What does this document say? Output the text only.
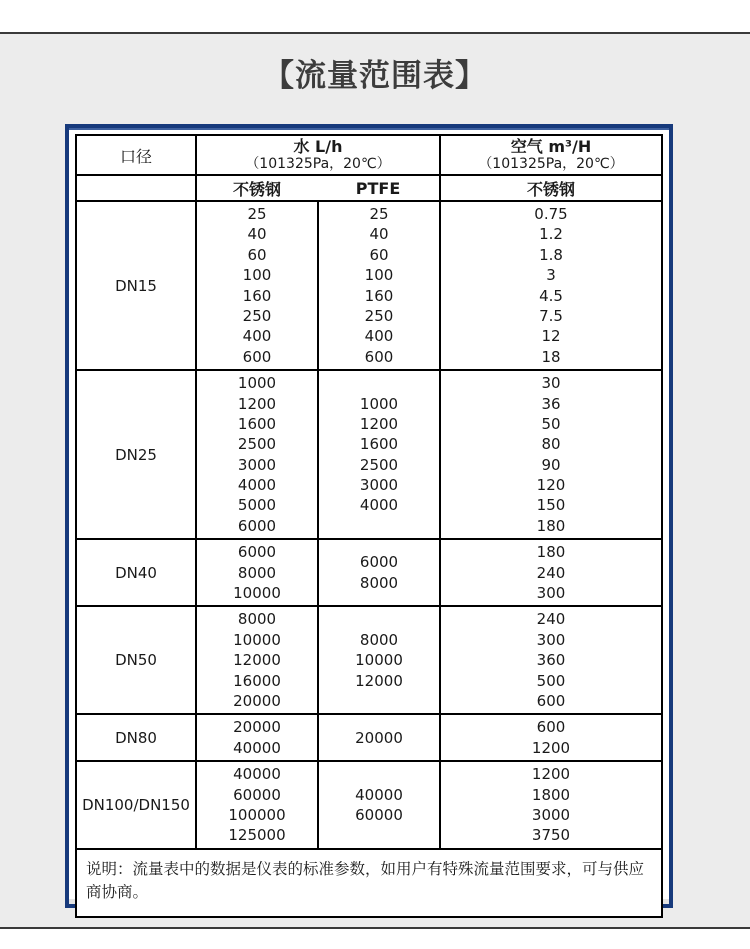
【流量范围表】
口径
水 L/h
（101325Pa，20℃）
空气 m³/H
（101325Pa，20℃）
不锈钢	PTFE	不锈钢
DN15
25
40
60
100
160
250
400
600
25
40
60
100
160
250
400
600
0.75
1.2
1.8
3
4.5
7.5
12
18
DN25
1000
1200
1600
2500
3000
4000
5000
6000
1000
1200
1600
2500
3000
4000
30
36
50
80
90
120
150
180
DN40
6000
8000
10000
6000
8000
180
240
300
DN50
8000
10000
12000
16000
20000
8000
10000
12000
240
300
360
500
600
DN80
20000
40000
20000
600
1200
DN100/DN150
40000
60000
100000
125000
40000
60000
1200
1800
3000
3750
说明：流量表中的数据是仪表的标准参数，如用户有特殊流量范围要求，可与供应商协商。
